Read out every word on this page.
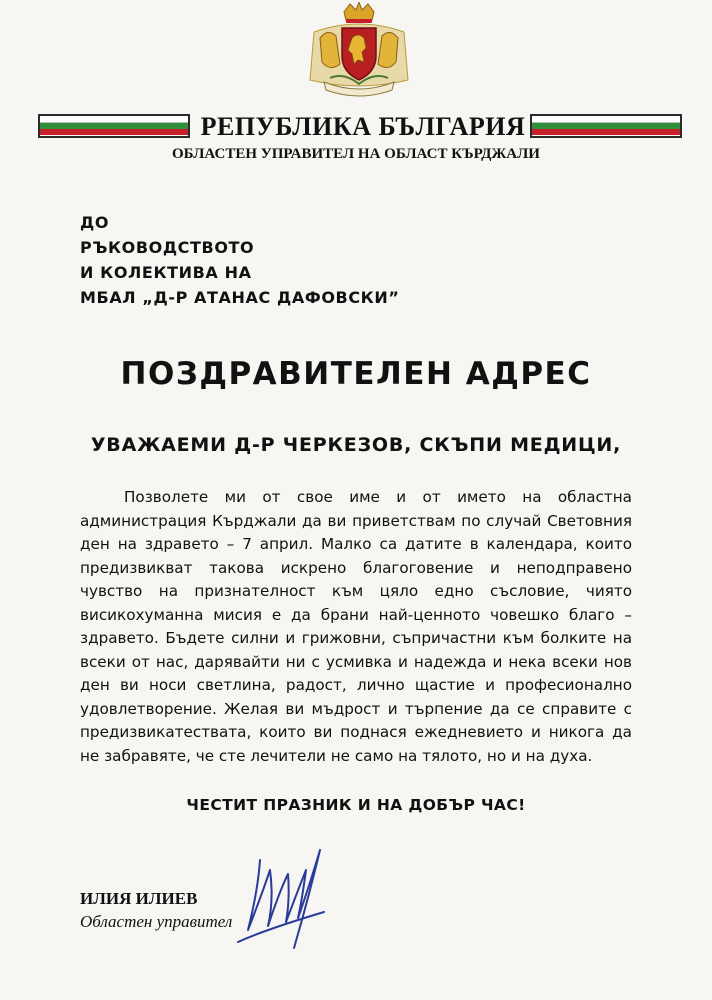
РЕПУБЛИКА БЪЛГАРИЯ
ОБЛАСТЕН УПРАВИТЕЛ НА ОБЛАСТ КЪРДЖАЛИ
ДО
РЪКОВОДСТВОТО
И КОЛЕКТИВА НА
МБАЛ „Д-Р АТАНАС ДАФОВСКИ”
ПОЗДРАВИТЕЛЕН АДРЕС
УВАЖАЕМИ Д-Р ЧЕРКЕЗОВ, СКЪПИ МЕДИЦИ,
Позволете ми от свое име и от името на областна администрация Кърджали да ви приветствам по случай Световния ден на здравето – 7 април. Малко са датите в календара, които предизвикват такова искрено благоговение и неподправено чувство на признателност към цяло едно съсловие, чиято висикохуманна мисия е да брани най-ценното човешко благо – здравето. Бъдете силни и грижовни, съпричастни към болките на всеки от нас, дарявайти ни с усмивка и надежда и нека всеки нов ден ви носи светлина, радост, лично щастие и професионално удовлетворение. Желая ви мъдрост и търпение да се справите с предизвикатествата, които ви поднася ежедневието и никога да не забравяте, че сте лечители не само на тялото, но и на духа.
ЧЕСТИТ ПРАЗНИК И НА ДОБЪР ЧАС!
ИЛИЯ ИЛИЕВ
Областен управител
